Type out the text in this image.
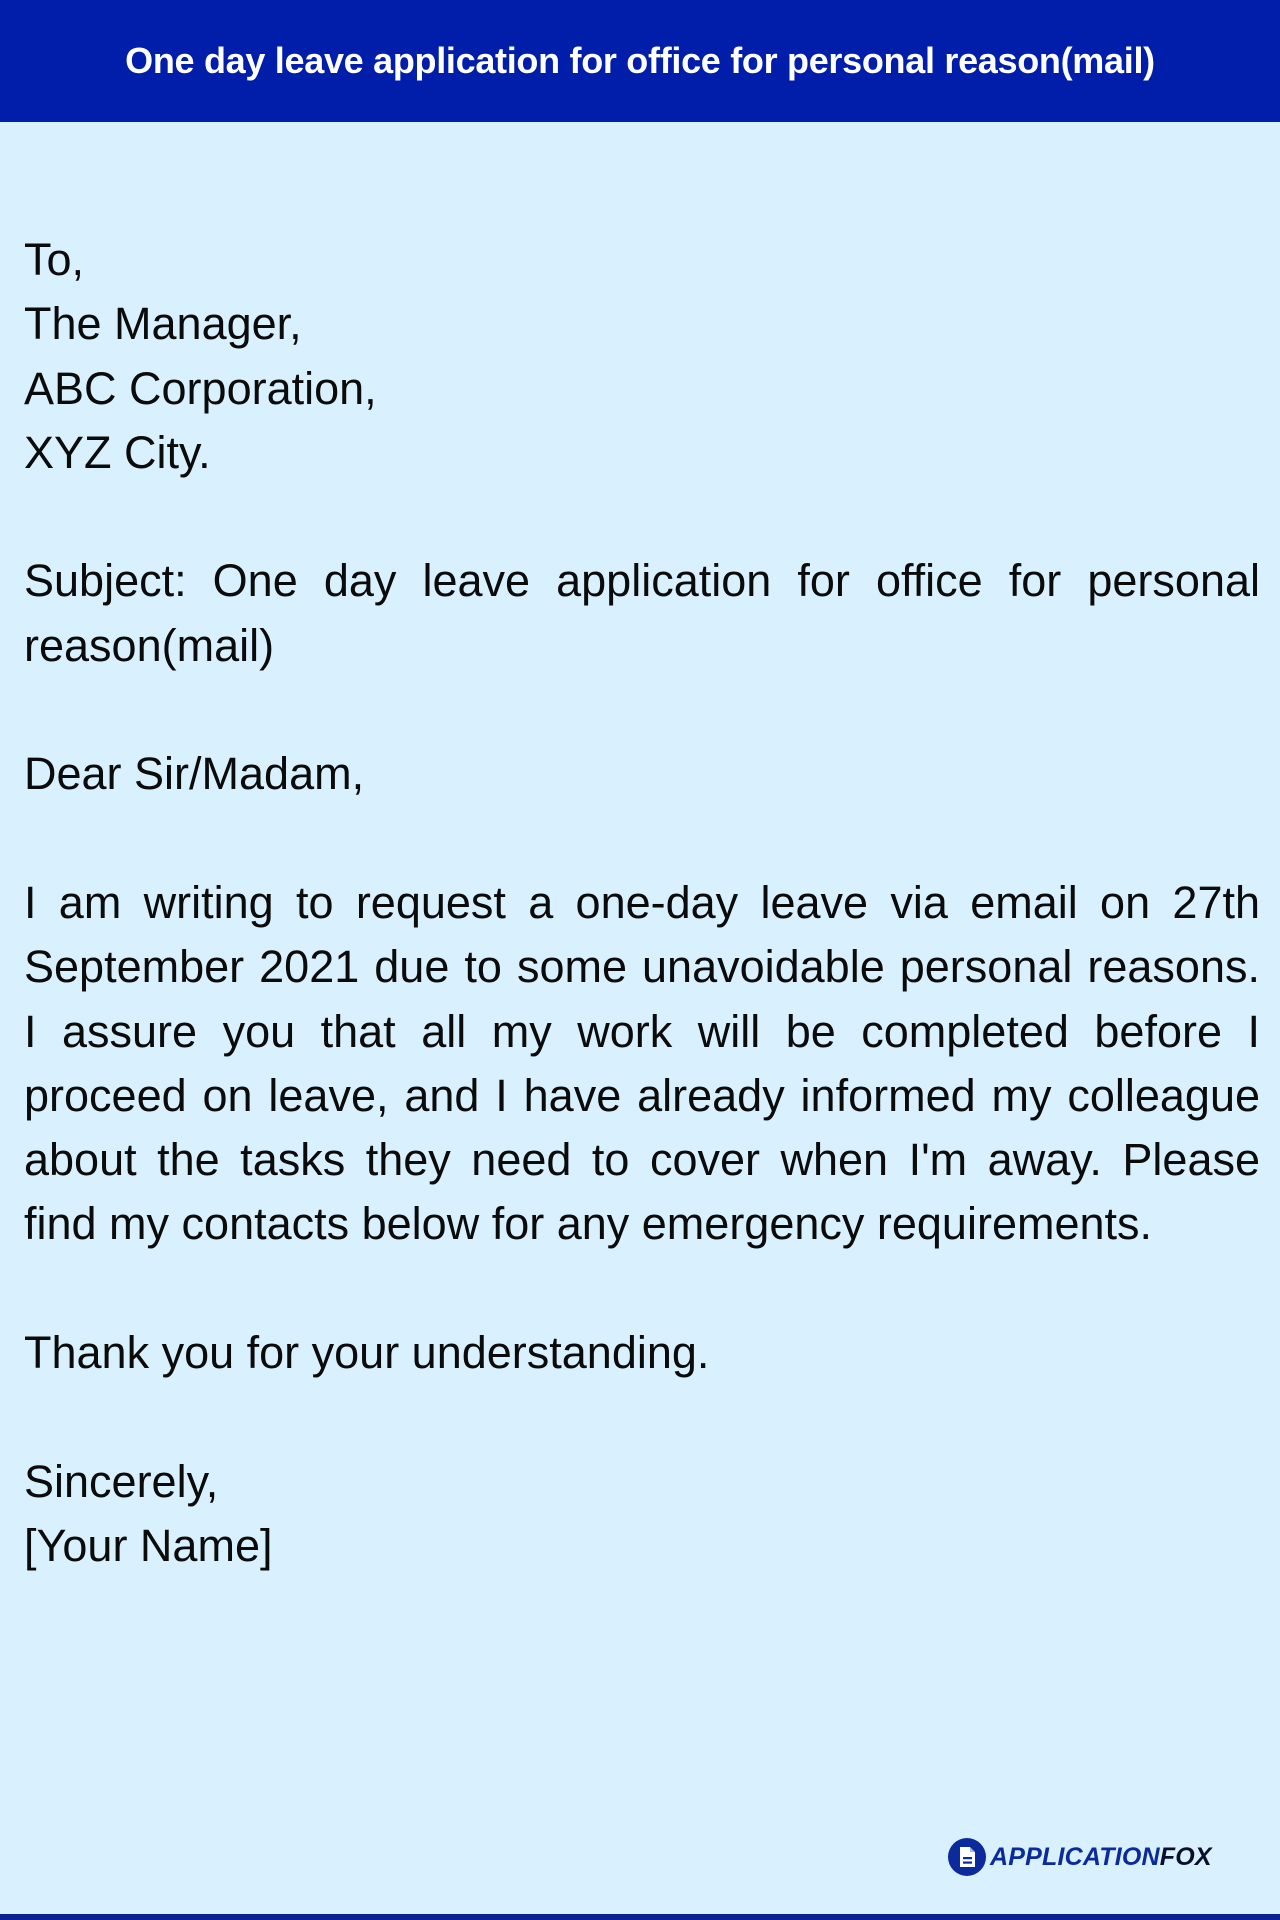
One day leave application for office for personal reason(mail)
To,
The Manager,
ABC Corporation,
XYZ City.
Subject: One day leave application for office for personal reason(mail)
Dear Sir/Madam,
I am writing to request a one-day leave via email on 27th September 2021 due to some unavoidable personal reasons. I assure you that all my work will be completed before I proceed on leave, and I have already informed my colleague about the tasks they need to cover when I'm away. Please find my contacts below for any emergency requirements.
Thank you for your understanding.
Sincerely,
[Your Name]
APPLICATION FOX
